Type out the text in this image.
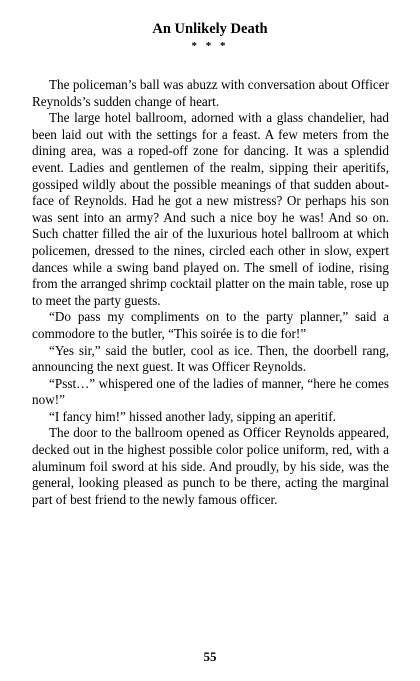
An Unlikely Death
* * *

The policeman’s ball was abuzz with conversation about Officer Reynolds’s sudden change of heart.

The large hotel ballroom, adorned with a glass chandelier, had been laid out with the settings for a feast. A few meters from the dining area, was a roped-off zone for dancing. It was a splendid event. Ladies and gentlemen of the realm, sipping their aperitifs, gossiped wildly about the possible meanings of that sudden about-face of Reynolds. Had he got a new mistress? Or perhaps his son was sent into an army? And such a nice boy he was! And so on. Such chatter filled the air of the luxurious hotel ballroom at which policemen, dressed to the nines, circled each other in slow, expert dances while a swing band played on. The smell of iodine, rising from the arranged shrimp cocktail platter on the main table, rose up to meet the party guests.

“Do pass my compliments on to the party planner,” said a commodore to the butler, “This soirée is to die for!”

“Yes sir,” said the butler, cool as ice. Then, the doorbell rang, announcing the next guest. It was Officer Reynolds.

“Psst…” whispered one of the ladies of manner, “here he comes now!”

“I fancy him!” hissed another lady, sipping an aperitif.

The door to the ballroom opened as Officer Reynolds appeared, decked out in the highest possible color police uniform, red, with a aluminum foil sword at his side. And proudly, by his side, was the general, looking pleased as punch to be there, acting the marginal part of best friend to the newly famous officer.

55
